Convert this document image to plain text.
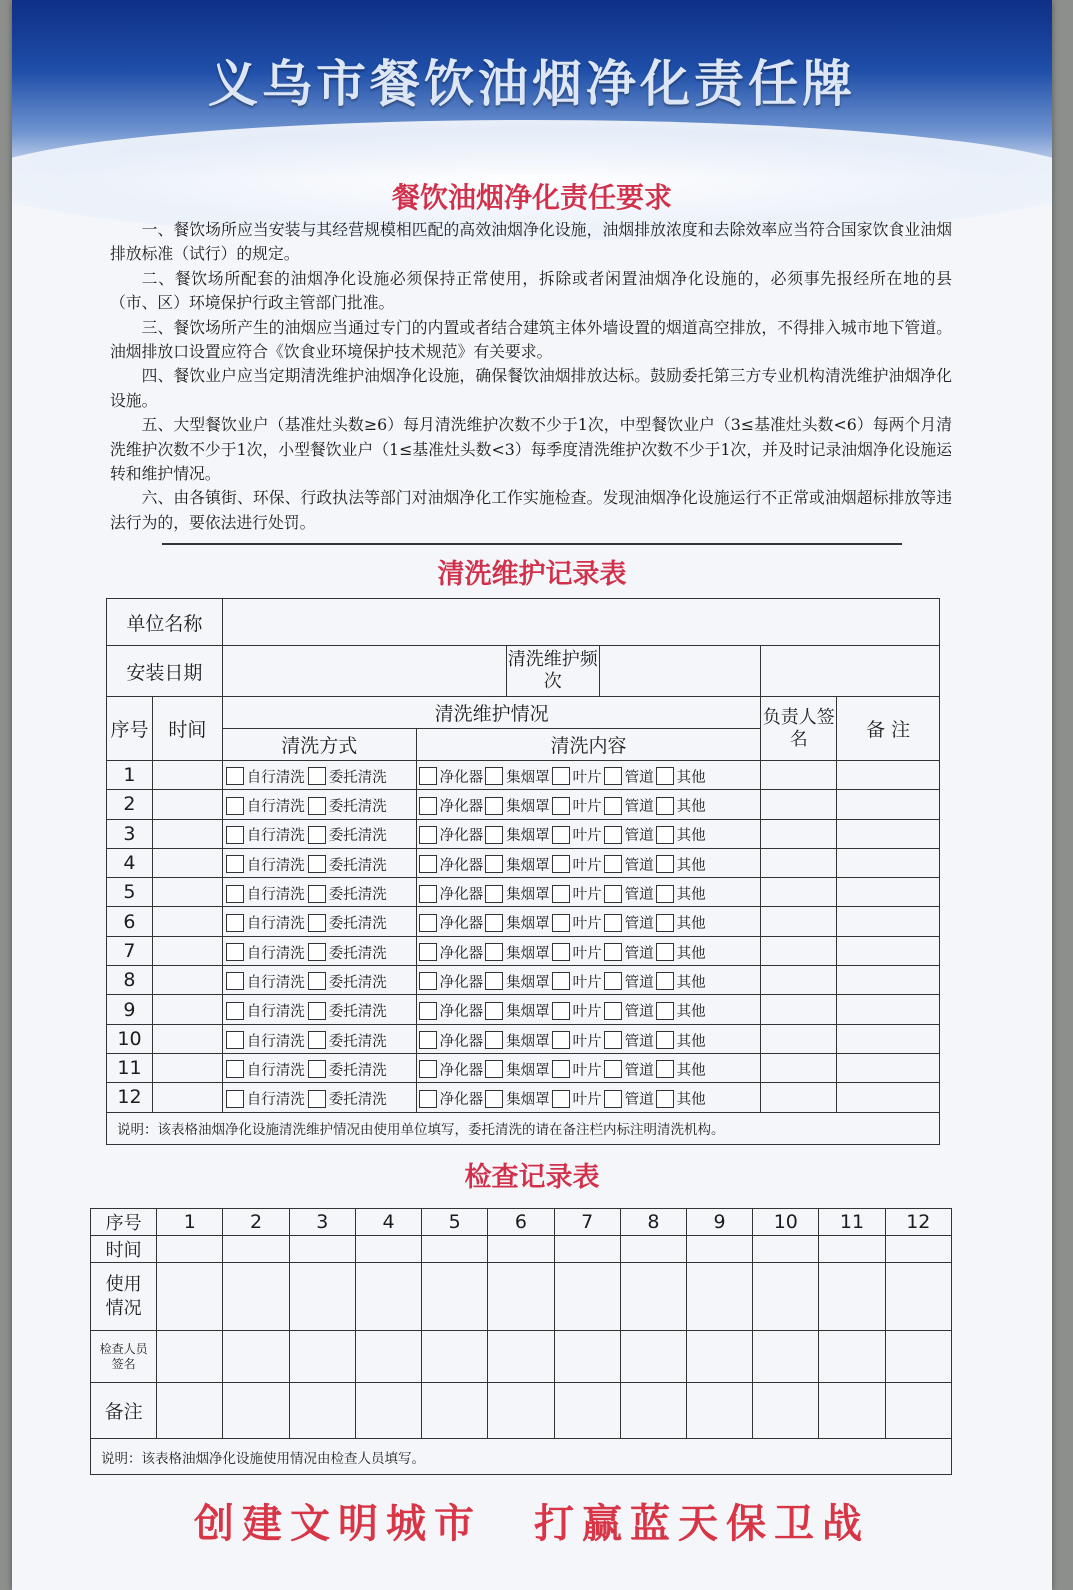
义乌市餐饮油烟净化责任牌
餐饮油烟净化责任要求

一、餐饮场所应当安装与其经营规模相匹配的高效油烟净化设施，油烟排放浓度和去除效率应当符合国家饮食业油烟排放标准（试行）的规定。

二、餐饮场所配套的油烟净化设施必须保持正常使用，拆除或者闲置油烟净化设施的，必须事先报经所在地的县（市、区）环境保护行政主管部门批准。

三、餐饮场所产生的油烟应当通过专门的内置或者结合建筑主体外墙设置的烟道高空排放，不得排入城市地下管道。油烟排放口设置应符合《饮食业环境保护技术规范》有关要求。

四、餐饮业户应当定期清洗维护油烟净化设施，确保餐饮油烟排放达标。鼓励委托第三方专业机构清洗维护油烟净化设施。

五、大型餐饮业户（基准灶头数≥6）每月清洗维护次数不少于1次，中型餐饮业户（3≤基准灶头数<6）每两个月清洗维护次数不少于1次，小型餐饮业户（1≤基准灶头数<3）每季度清洗维护次数不少于1次，并及时记录油烟净化设施运转和维护情况。

六、由各镇街、环保、行政执法等部门对油烟净化工作实施检查。发现油烟净化设施运行不正常或油烟超标排放等违法行为的，要依法进行处罚。

清洗维护记录表
单位名称					
安装日期		清洗维护频次			

序号	时间	清洗维护情况		负责人签名	备 注
		清洗方式	清洗内容		
1		自行清洗 委托清洗	净化器 集烟罩 叶片 管道 其他		
2		自行清洗 委托清洗	净化器 集烟罩 叶片 管道 其他		
3		自行清洗 委托清洗	净化器 集烟罩 叶片 管道 其他		
4		自行清洗 委托清洗	净化器 集烟罩 叶片 管道 其他		
5		自行清洗 委托清洗	净化器 集烟罩 叶片 管道 其他		
6		自行清洗 委托清洗	净化器 集烟罩 叶片 管道 其他		
7		自行清洗 委托清洗	净化器 集烟罩 叶片 管道 其他		
8		自行清洗 委托清洗	净化器 集烟罩 叶片 管道 其他		
9		自行清洗 委托清洗	净化器 集烟罩 叶片 管道 其他		
10		自行清洗 委托清洗	净化器 集烟罩 叶片 管道 其他		
11		自行清洗 委托清洗	净化器 集烟罩 叶片 管道 其他		
12		自行清洗 委托清洗	净化器 集烟罩 叶片 管道 其他		
说明：该表格油烟净化设施清洗维护情况由使用单位填写，委托清洗的请在备注栏内标注明清洗机构。					
检查记录表
序号	1	2	3	4	5	6	7	8	9	10	11	12
时间												
使用情况												
检查人员签名												
备注												
说明：该表格油烟净化设施使用情况由检查人员填写。												
创建文明城市 打赢蓝天保卫战
